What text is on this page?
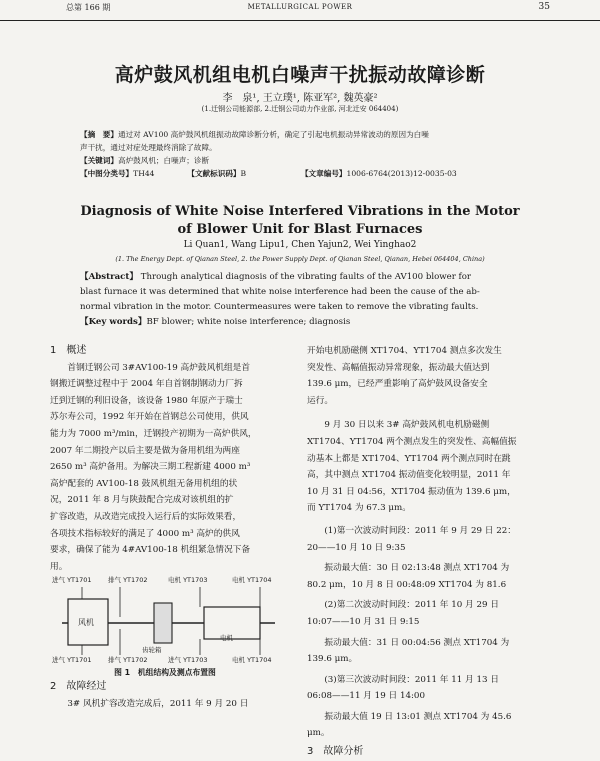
总第 166 期	METALLURGICAL POWER	35
高炉鼓风机组电机白噪声干扰振动故障诊断
李　泉¹, 王立璞¹, 陈亚军², 魏英豪²
(1.迁钢公司能源部, 2.迁钢公司动力作业部, 河北迁安 064404)
【摘　要】通过对 AV100 高炉鼓风机组振动故障诊断分析，确定了引起电机振动异常波动的原因为白噪
声干扰，通过对症处理最终消除了故障。
【关键词】高炉鼓风机；白噪声；诊断
【中图分类号】TH44	【文献标识码】B	【文章编号】1006-6764(2013)12-0035-03
Diagnosis of White Noise Interfered Vibrations in the Motor
of Blower Unit for Blast Furnaces
Li Quan1, Wang Lipu1, Chen Yajun2, Wei Yinghao2
(1. The Energy Dept. of Qianan Steel, 2. the Power Supply Dept. of Qianan Steel, Qianan, Hebei 064404, China)
【Abstract】 Through analytical diagnosis of the vibrating faults of the AV100 blower for
blast furnace it was determined that white noise interference had been the cause of the ab-
normal vibration in the motor. Countermeasures were taken to remove the vibrating faults.
【Key words】BF blower; white noise interference; diagnosis
1　概述

首钢迁钢公司 3#AV100-19 高炉鼓风机组是首

钢搬迁调整过程中于 2004 年自首钢制钢动力厂拆

迁到迁钢的利旧设备，该设备 1980 年原产于瑞士

苏尔寿公司，1992 年开始在首钢总公司使用，供风

能力为 7000 m³/min，迁钢投产初期为一高炉供风，

2007 年二期投产以后主要是做为备用机组为两座

2650 m³ 高炉备用。为解决三期工程新建 4000 m³

高炉配套的 AV100-18 鼓风机组无备用机组的状

况，2011 年 8 月与陕鼓配合完成对该机组的扩

扩容改造，从改造完成投入运行后的实际效果看，

各项技术指标较好的满足了 4000 m³ 高炉的供风

要求，确保了能为 4#AV100-18 机组紧急情况下备

用。

进气 YT1701	排气 YT1702	电机 YT1703	电机 YT1704
风机
齿轮箱
电机
进气 YT1701	排气 YT1702	进气 YT1703	电机 YT1704
图 1　机组结构及测点布置图
2　故障经过

3# 风机扩容改造完成后，2011 年 9 月 20 日

开始电机励磁侧 XT1704、YT1704 测点多次发生

突发性、高幅值振动异常现象，振动最大值达到

139.6 μm，已经严重影响了高炉鼓风设备安全

运行。

9 月 30 日以来 3# 高炉鼓风机电机励磁侧

XT1704、YT1704 两个测点发生的突发性、高幅值振

动基本上都是 XT1704、YT1704 两个测点同时在跳

高，其中测点 XT1704 振动值变化较明显，2011 年

10 月 31 日 04:56，XT1704 振动值为 139.6 μm，

而 YT1704 为 67.3 μm。

(1)第一次波动时间段：2011 年 9 月 29 日 22：

20——10 月 10 日 9:35

振动最大值：30 日 02:13:48 测点 XT1704 为

80.2 μm，10 月 8 日 00:48:09 XT1704 为 81.6

(2)第二次波动时间段：2011 年 10 月 29 日

10:07——10 月 31 日 9:15

振动最大值：31 日 00:04:56 测点 XT1704 为

139.6 μm。

(3)第三次波动时间段：2011 年 11 月 13 日

06:08——11 月 19 日 14:00

振动最大值 19 日 13:01 测点 XT1704 为 45.6

μm。

3　故障分析
